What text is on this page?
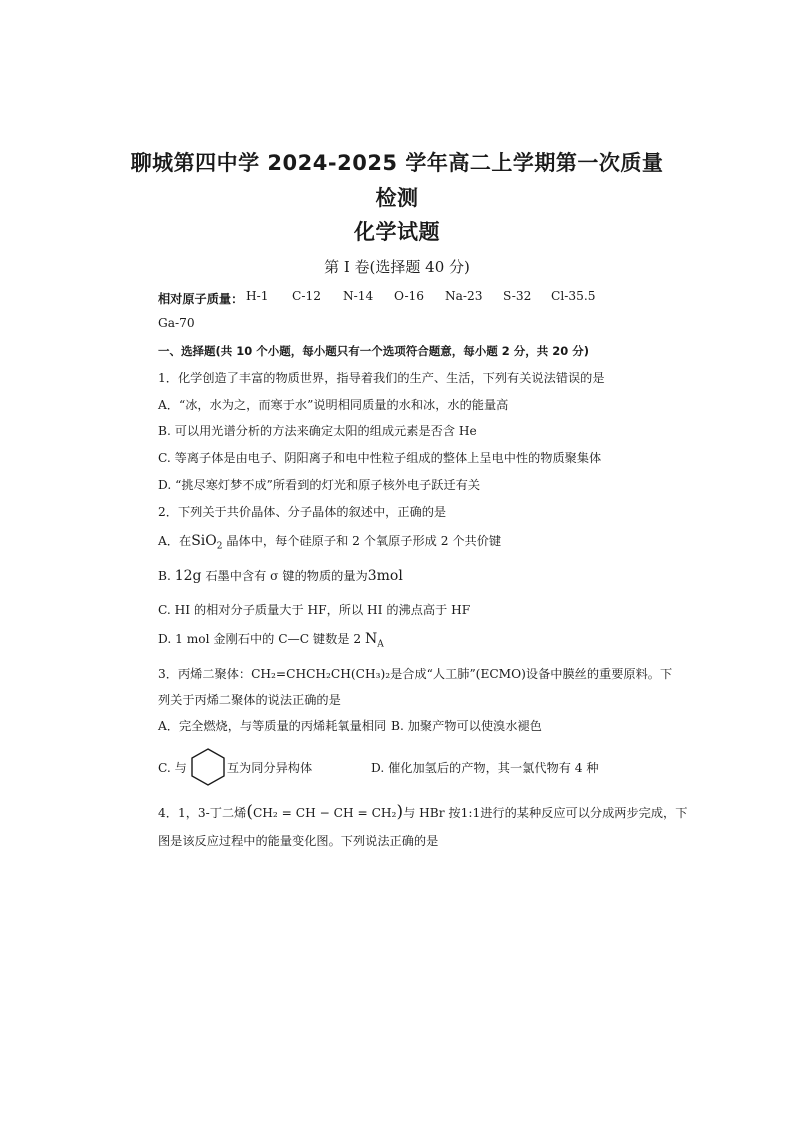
聊城第四中学 2024-2025 学年高二上学期第一次质量
检测
化学试题
第 I 卷(选择题 40 分)
相对原子质量： H-1 C-12 N-14 O-16 Na-23 S-32 Cl-35.5
Ga-70
一、选择题(共 10 个小题，每小题只有一个选项符合题意，每小题 2 分，共 20 分)
1．化学创造了丰富的物质世界，指导着我们的生产、生活，下列有关说法错误的是
A．“冰，水为之，而寒于水”说明相同质量的水和冰，水的能量高
B. 可以用光谱分析的方法来确定太阳的组成元素是否含 He
C. 等离子体是由电子、阴阳离子和电中性粒子组成的整体上呈电中性的物质聚集体
D. “挑尽寒灯梦不成”所看到的灯光和原子核外电子跃迁有关
2．下列关于共价晶体、分子晶体的叙述中，正确的是
A．在SiO$_2$ 晶体中，每个硅原子和 2 个氧原子形成 2 个共价键
B. 12g 石墨中含有 σ 键的物质的量为3mol
C. HI 的相对分子质量大于 HF，所以 HI 的沸点高于 HF
D. 1 mol 金刚石中的 C—C 键数是 2 $N_A$
3．丙烯二聚体：CH₂=CHCH₂CH(CH₃)₂是合成“人工肺”(ECMO)设备中膜丝的重要原料。下
列关于丙烯二聚体的说法正确的是
A．完全燃烧，与等质量的丙烯耗氧量相同 B. 加聚产物可以使溴水褪色
C. 与	互为同分异构体	D. 催化加氢后的产物，其一氯代物有 4 种
4．1，3-丁二烯(CH₂ = CH − CH = CH₂)与 HBr 按1:1进行的某种反应可以分成两步完成，下
图是该反应过程中的能量变化图。下列说法正确的是
